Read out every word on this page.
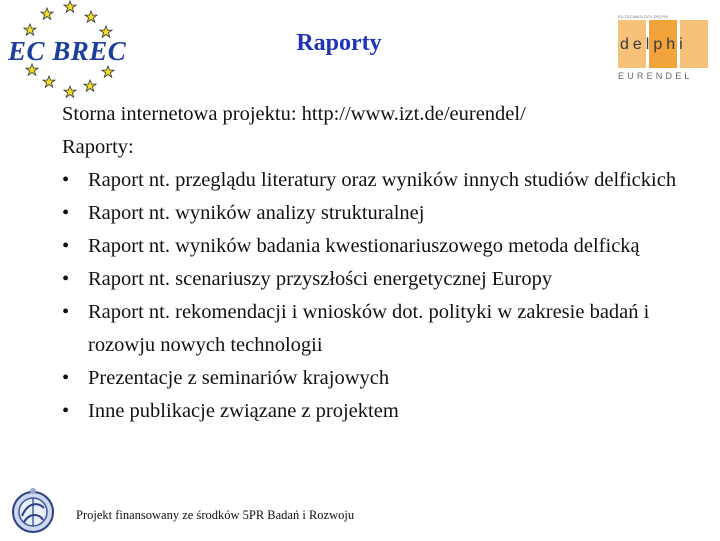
EC BREC	Raporty
EU TECHNOLOGY DELPHI
delphi
EURENDEL
Storna internetowa projektu: http://www.izt.de/eurendel/
Raporty:
• Raport nt. przeglądu literatury oraz wyników innych studiów delfickich
• Raport nt. wyników analizy strukturalnej
• Raport nt. wyników badania kwestionariuszowego metoda delficką
• Raport nt. scenariuszy przyszłości energetycznej Europy
• Raport nt. rekomendacji i wniosków dot. polityki w zakresie badań i rozowju nowych technologii
• Prezentacje z seminariów krajowych
• Inne publikacje związane z projektem
Projekt finansowany ze środków 5PR Badań i Rozwoju
